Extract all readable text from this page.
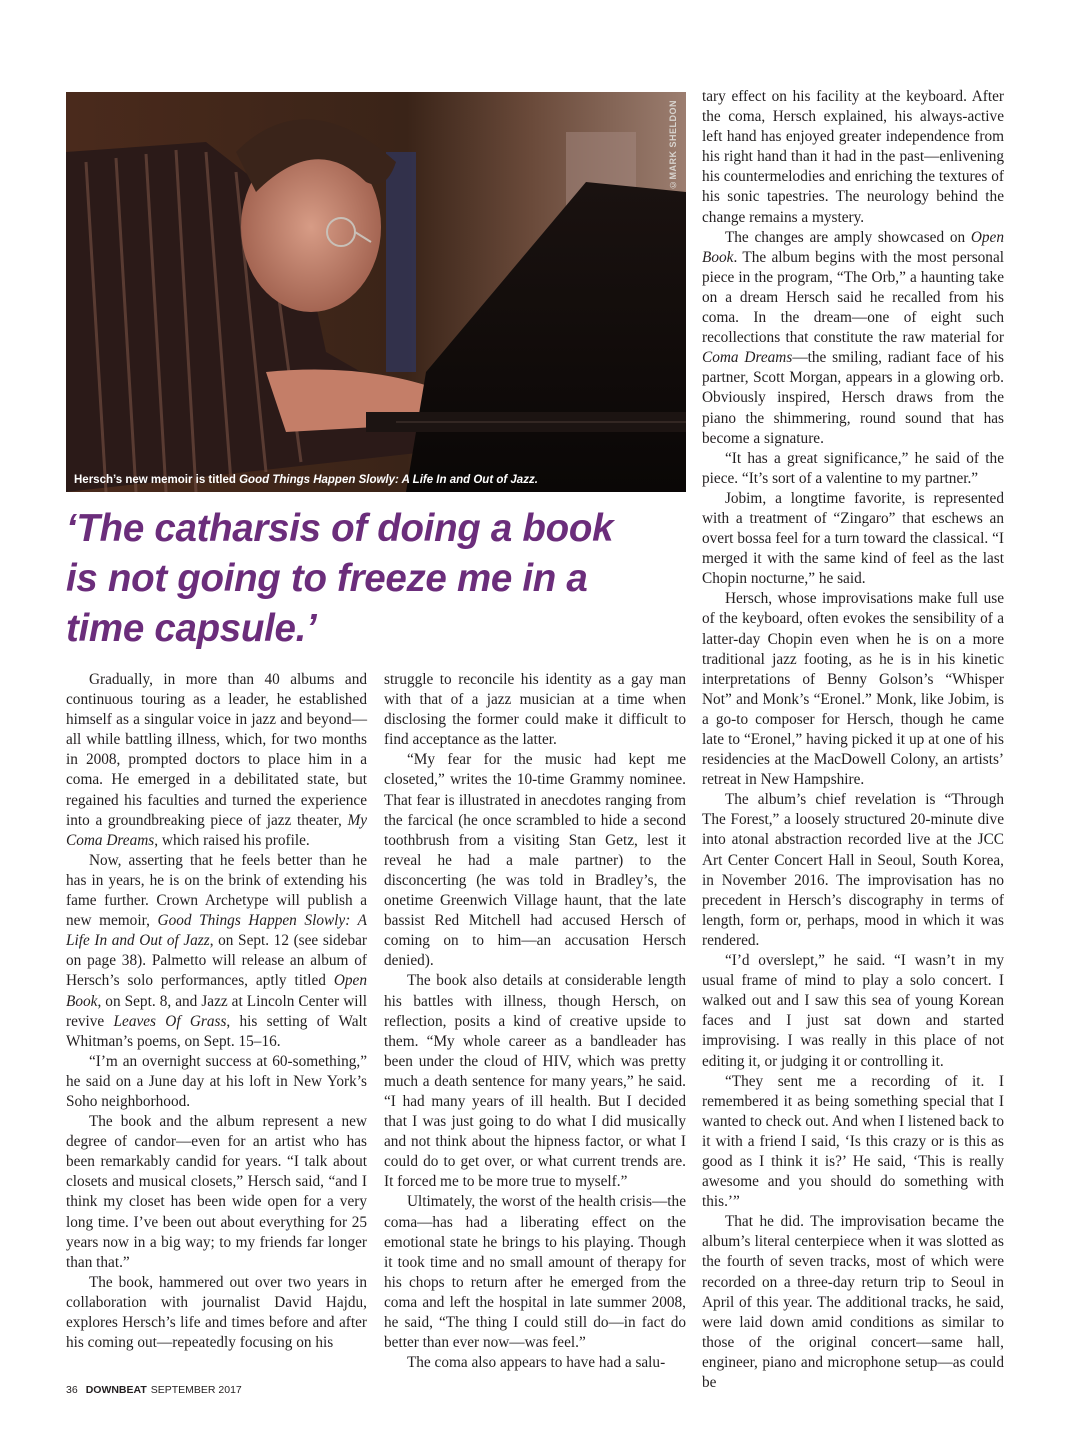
©MARK SHELDON
Hersch’s new memoir is titled Good Things Happen Slowly: A Life In and Out of Jazz.
‘The catharsis of doing a book
is not going to freeze me in a
time capsule.’

Gradually, in more than 40 albums and continuous touring as a leader, he established himself as a singular voice in jazz and beyond—all while battling illness, which, for two months in 2008, prompted doctors to place him in a coma. He emerged in a debilitated state, but regained his faculties and turned the experience into a groundbreaking piece of jazz theater, My Coma Dreams, which raised his profile.

Now, asserting that he feels better than he has in years, he is on the brink of extending his fame further. Crown Archetype will publish a new memoir, Good Things Happen Slowly: A Life In and Out of Jazz, on Sept. 12 (see sidebar on page 38). Palmetto will release an album of Hersch’s solo performances, aptly titled Open Book, on Sept. 8, and Jazz at Lincoln Center will revive Leaves Of Grass, his setting of Walt Whitman’s poems, on Sept. 15–16.

“I’m an overnight success at 60-something,” he said on a June day at his loft in New York’s Soho neighborhood.

The book and the album represent a new degree of candor—even for an artist who has been remarkably candid for years. “I talk about closets and musical closets,” Hersch said, “and I think my closet has been wide open for a very long time. I’ve been out about everything for 25 years now in a big way; to my friends far longer than that.”

The book, hammered out over two years in collaboration with journalist David Hajdu, explores Hersch’s life and times before and after his coming out—repeatedly focusing on his

struggle to reconcile his identity as a gay man with that of a jazz musician at a time when disclosing the former could make it difficult to find acceptance as the latter.

“My fear for the music had kept me closeted,” writes the 10-time Grammy nominee. That fear is illustrated in anecdotes ranging from the farcical (he once scrambled to hide a second toothbrush from a visiting Stan Getz, lest it reveal he had a male partner) to the disconcerting (he was told in Bradley’s, the onetime Greenwich Village haunt, that the late bassist Red Mitchell had accused Hersch of coming on to him—an accusation Hersch denied).

The book also details at considerable length his battles with illness, though Hersch, on reflection, posits a kind of creative upside to them. “My whole career as a bandleader has been under the cloud of HIV, which was pretty much a death sentence for many years,” he said. “I had many years of ill health. But I decided that I was just going to do what I did musically and not think about the hipness factor, or what I could do to get over, or what current trends are. It forced me to be more true to myself.”

Ultimately, the worst of the health crisis—the coma—has had a liberating effect on the emotional state he brings to his playing. Though it took time and no small amount of therapy for his chops to return after he emerged from the coma and left the hospital in late summer 2008, he said, “The thing I could still do—in fact do better than ever now—was feel.”

The coma also appears to have had a salu-

tary effect on his facility at the keyboard. After the coma, Hersch explained, his always-active left hand has enjoyed greater independence from his right hand than it had in the past—enlivening his countermelodies and enriching the textures of his sonic tapestries. The neurology behind the change remains a mystery.

The changes are amply showcased on Open Book. The album begins with the most personal piece in the program, “The Orb,” a haunting take on a dream Hersch said he recalled from his coma. In the dream—one of eight such recollections that constitute the raw material for Coma Dreams—the smiling, radiant face of his partner, Scott Morgan, appears in a glowing orb. Obviously inspired, Hersch draws from the piano the shimmering, round sound that has become a signature.

“It has a great significance,” he said of the piece. “It’s sort of a valentine to my partner.”

Jobim, a longtime favorite, is represented with a treatment of “Zingaro” that eschews an overt bossa feel for a turn toward the classical. “I merged it with the same kind of feel as the last Chopin nocturne,” he said.

Hersch, whose improvisations make full use of the keyboard, often evokes the sensibility of a latter-day Chopin even when he is on a more traditional jazz footing, as he is in his kinetic interpretations of Benny Golson’s “Whisper Not” and Monk’s “Eronel.” Monk, like Jobim, is a go-to composer for Hersch, though he came late to “Eronel,” having picked it up at one of his residencies at the MacDowell Colony, an artists’ retreat in New Hampshire.

The album’s chief revelation is “Through The Forest,” a loosely structured 20-minute dive into atonal abstraction recorded live at the JCC Art Center Concert Hall in Seoul, South Korea, in November 2016. The improvisation has no precedent in Hersch’s discography in terms of length, form or, perhaps, mood in which it was rendered.

“I’d overslept,” he said. “I wasn’t in my usual frame of mind to play a solo concert. I walked out and I saw this sea of young Korean faces and I just sat down and started improvising. I was really in this place of not editing it, or judging it or controlling it.

“They sent me a recording of it. I remembered it as being something special that I wanted to check out. And when I listened back to it with a friend I said, ‘Is this crazy or is this as good as I think it is?’ He said, ‘This is really awesome and you should do something with this.’”

That he did. The improvisation became the album’s literal centerpiece when it was slotted as the fourth of seven tracks, most of which were recorded on a three-day return trip to Seoul in April of this year. The additional tracks, he said, were laid down amid conditions as similar to those of the original concert—same hall, engineer, piano and microphone setup—as could be

36 DOWNBEAT SEPTEMBER 2017
